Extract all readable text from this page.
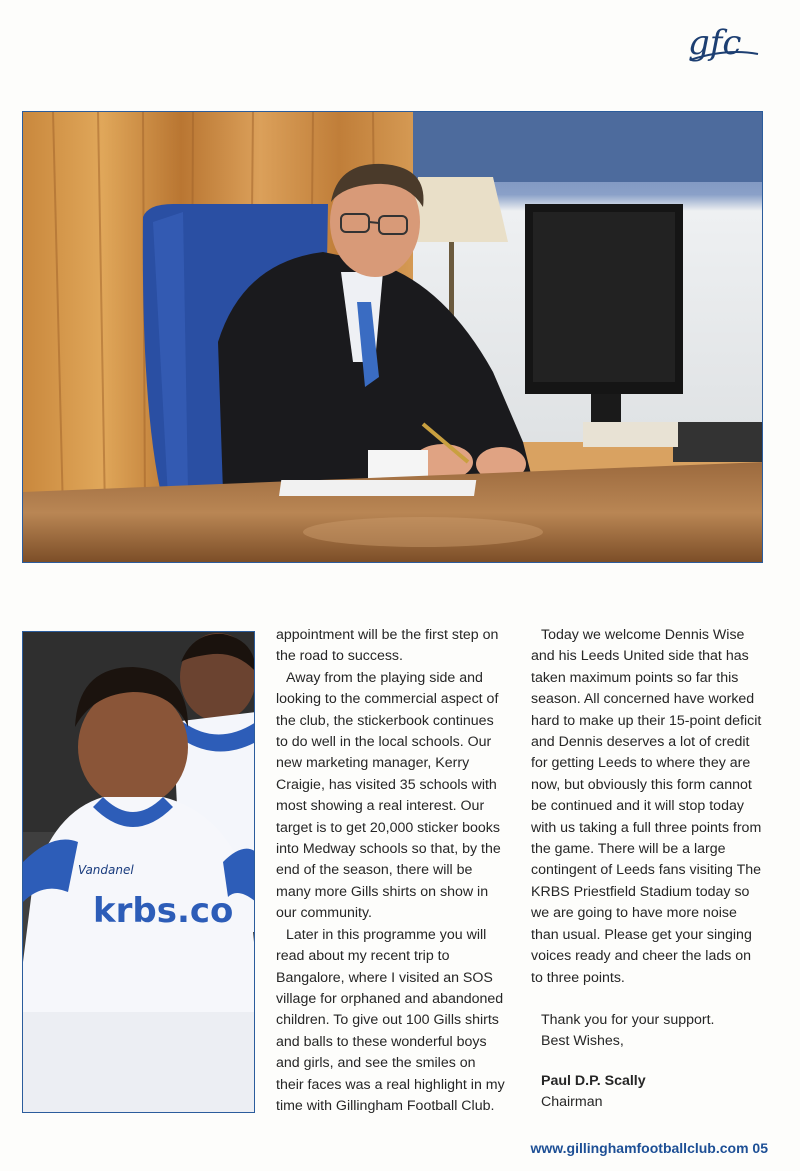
gfc
krbs.co
Vandanel

appointment will be the first step on the road to success.

Away from the playing side and looking to the commercial aspect of the club, the stickerbook continues to do well in the local schools. Our new marketing manager, Kerry Craigie, has visited 35 schools with most showing a real interest. Our target is to get 20,000 sticker books into Medway schools so that, by the end of the season, there will be many more Gills shirts on show in our community.

Later in this programme you will read about my recent trip to Bangalore, where I visited an SOS village for orphaned and abandoned children. To give out 100 Gills shirts and balls to these wonderful boys and girls, and see the smiles on their faces was a real highlight in my time with Gillingham Football Club.

Today we welcome Dennis Wise and his Leeds United side that has taken maximum points so far this season. All concerned have worked hard to make up their 15-point deficit and Dennis deserves a lot of credit for getting Leeds to where they are now, but obviously this form cannot be continued and it will stop today with us taking a full three points from the game. There will be a large contingent of Leeds fans visiting The KRBS Priestfield Stadium today so we are going to have more noise than usual. Please get your singing voices ready and cheer the lads on to three points.

Thank you for your support.

Best Wishes,

Paul D.P. Scally

Chairman

www.gillinghamfootballclub.com 05
